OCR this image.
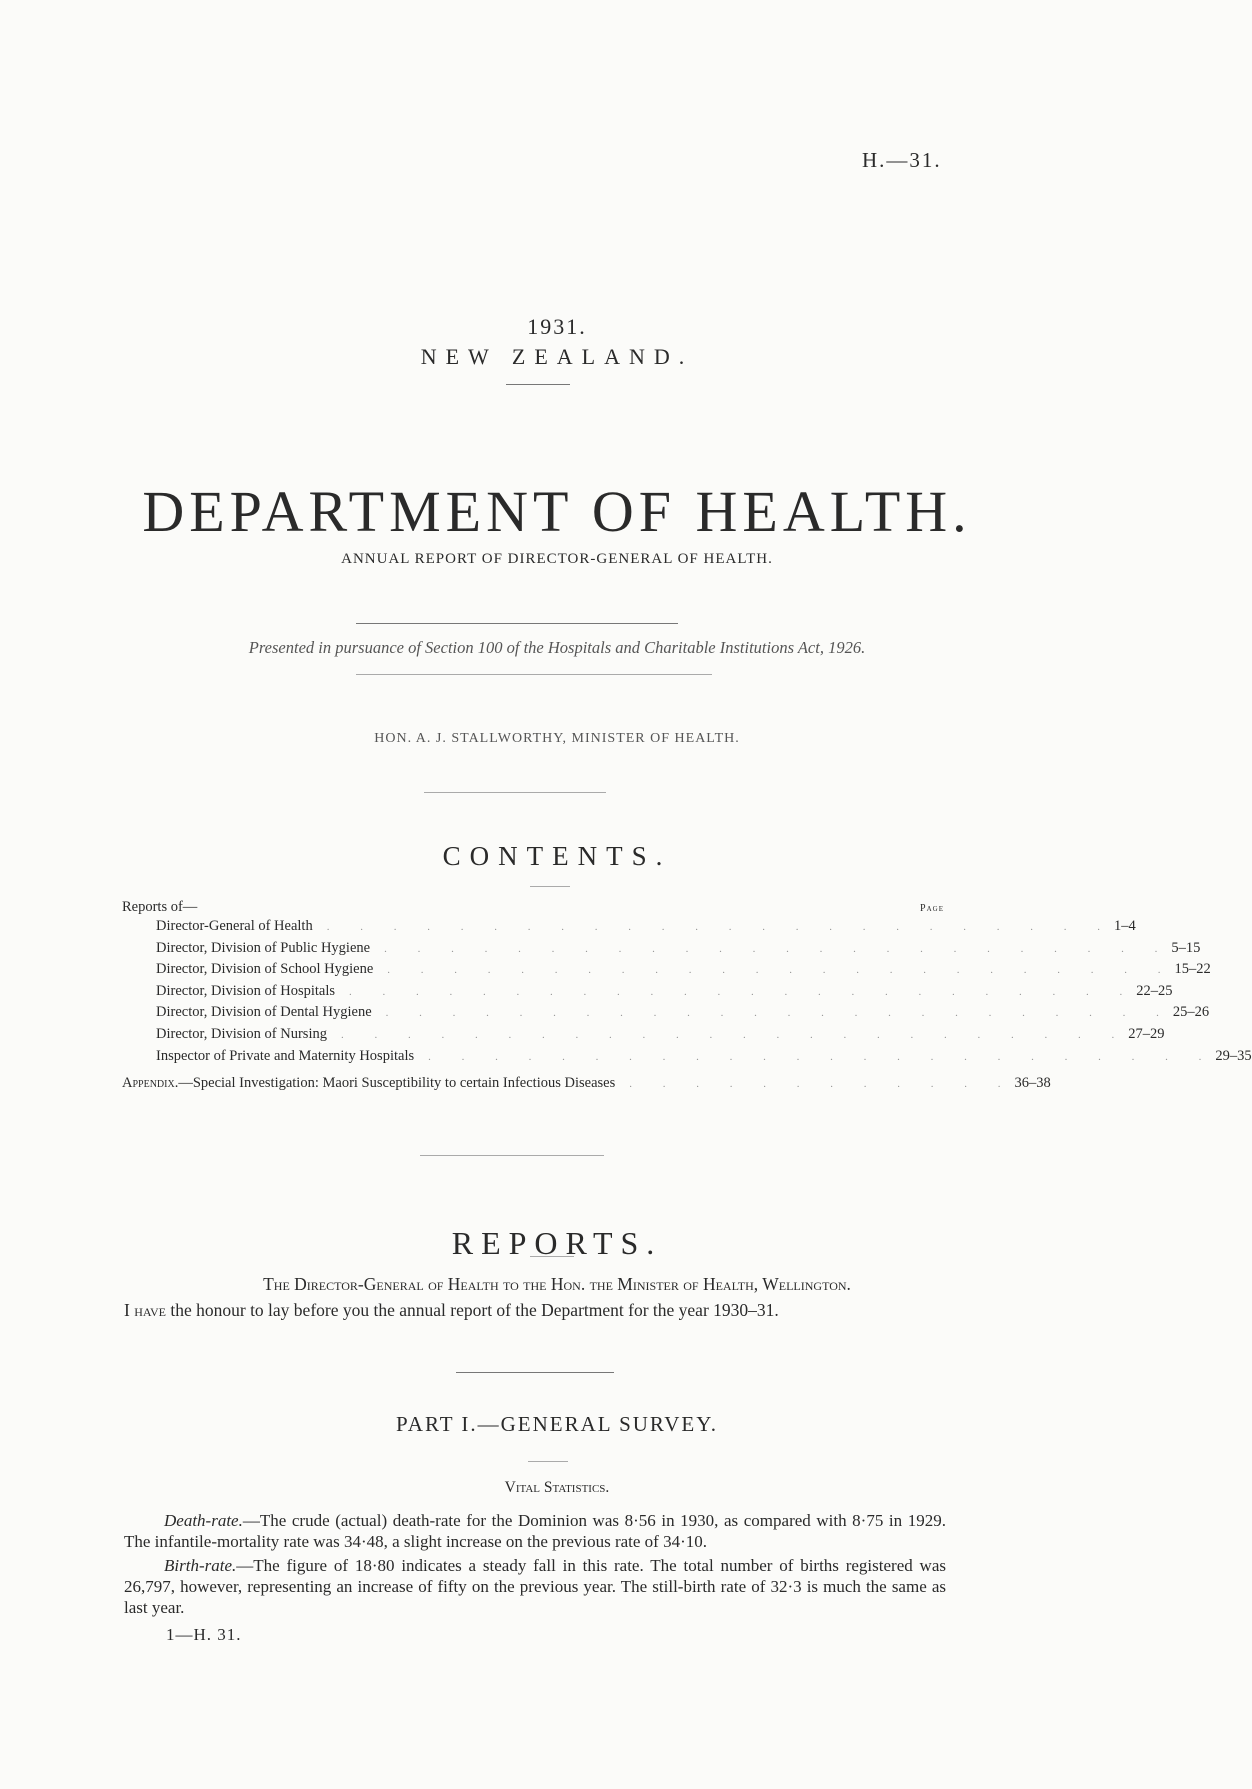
H.—31.
1931.
NEW ZEALAND.
DEPARTMENT OF HEALTH.
ANNUAL REPORT OF DIRECTOR-GENERAL OF HEALTH.
Presented in pursuance of Section 100 of the Hospitals and Charitable Institutions Act, 1926.
HON. A. J. STALLWORTHY, MINISTER OF HEALTH.
CONTENTS.
Reports of—	Page
Director-General of Health	. . . . . . . . . . . . . . . . . . . . . . . . 1–4
Director, Division of Public Hygiene	. . . . . . . . . . . . . . . . . . . . . . . . 5–15
Director, Division of School Hygiene	. . . . . . . . . . . . . . . . . . . . . . . . 15–22
Director, Division of Hospitals	. . . . . . . . . . . . . . . . . . . . . . . . 22–25
Director, Division of Dental Hygiene	. . . . . . . . . . . . . . . . . . . . . . . . 25–26
Director, Division of Nursing	. . . . . . . . . . . . . . . . . . . . . . . . 27–29
Inspector of Private and Maternity Hospitals	. . . . . . . . . . . . . . . . . . . . . . . . 29–35
Appendix.—Special Investigation: Maori Susceptibility to certain Infectious Diseases	. . . . . . . . . . . . 36–38
REPORTS.
The Director-General of Health to the Hon. the Minister of Health, Wellington.
I have the honour to lay before you the annual report of the Department for the year 1930–31.
PART I.—GENERAL SURVEY.
Vital Statistics.
Death-rate.—The crude (actual) death-rate for the Dominion was 8·56 in 1930, as compared with 8·75 in 1929. The infantile-mortality rate was 34·48, a slight increase on the previous rate of 34·10.
Birth-rate.—The figure of 18·80 indicates a steady fall in this rate. The total number of births registered was 26,797, however, representing an increase of fifty on the previous year. The still-birth rate of 32·3 is much the same as last year.
1—H. 31.
